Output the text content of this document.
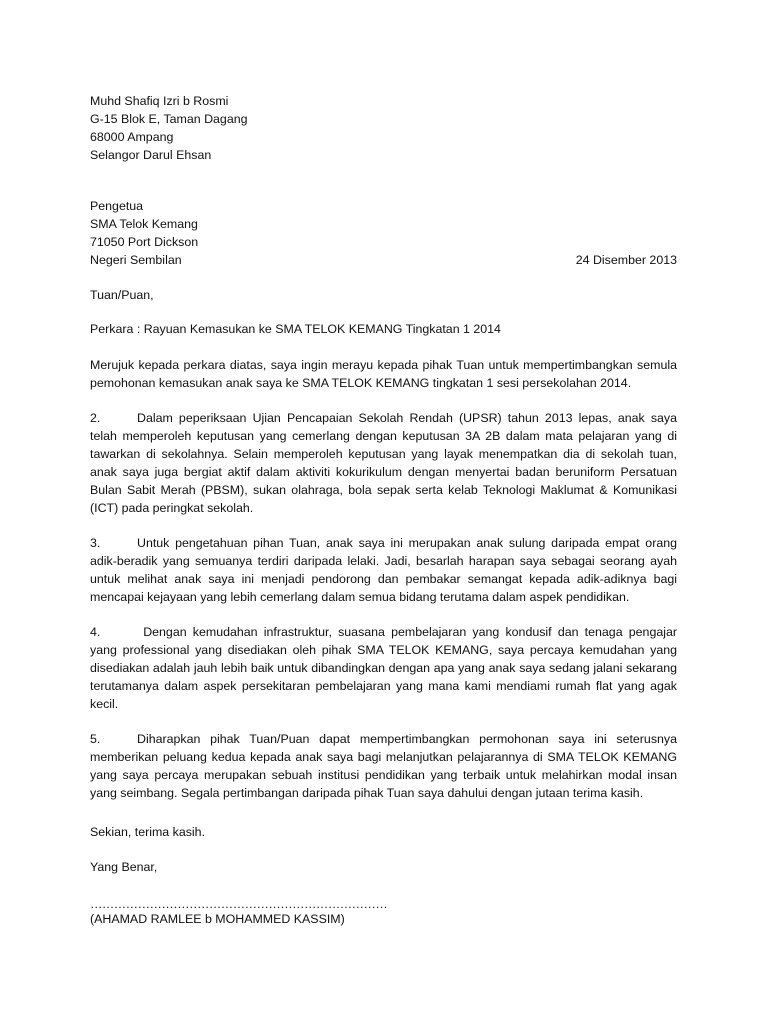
Muhd Shafiq Izri b Rosmi
G-15 Blok E, Taman Dagang
68000 Ampang
Selangor Darul Ehsan
Pengetua
SMA Telok Kemang
71050 Port Dickson
Negeri Sembilan	24 Disember 2013
Tuan/Puan,
Perkara : Rayuan Kemasukan ke SMA TELOK KEMANG Tingkatan 1 2014

Merujuk kepada perkara diatas, saya ingin merayu kepada pihak Tuan untuk mempertimbangkan semula pemohonan kemasukan anak saya ke SMA TELOK KEMANG tingkatan 1 sesi persekolahan 2014.

2.	Dalam peperiksaan Ujian Pencapaian Sekolah Rendah (UPSR) tahun 2013 lepas, anak saya telah memperoleh keputusan yang cemerlang dengan keputusan 3A 2B dalam mata pelajaran yang di tawarkan di sekolahnya. Selain memperoleh keputusan yang layak menempatkan dia di sekolah tuan, anak saya juga bergiat aktif dalam aktiviti kokurikulum dengan menyertai badan beruniform Persatuan Bulan Sabit Merah (PBSM), sukan olahraga, bola sepak serta kelab Teknologi Maklumat & Komunikasi (ICT) pada peringkat sekolah.

3.	Untuk pengetahuan pihan Tuan, anak saya ini merupakan anak sulung daripada empat orang adik-beradik yang semuanya terdiri daripada lelaki. Jadi, besarlah harapan saya sebagai seorang ayah untuk melihat anak saya ini menjadi pendorong dan pembakar semangat kepada adik-adiknya bagi mencapai kejayaan yang lebih cemerlang dalam semua bidang terutama dalam aspek pendidikan.

4.	Dengan kemudahan infrastruktur, suasana pembelajaran yang kondusif dan tenaga pengajar yang professional yang disediakan oleh pihak SMA TELOK KEMANG, saya percaya kemudahan yang disediakan adalah jauh lebih baik untuk dibandingkan dengan apa yang anak saya sedang jalani sekarang terutamanya dalam aspek persekitaran pembelajaran yang mana kami mendiami rumah flat yang agak kecil.

5.	Diharapkan pihak Tuan/Puan dapat mempertimbangkan permohonan saya ini seterusnya memberikan peluang kedua kepada anak saya bagi melanjutkan pelajarannya di SMA TELOK KEMANG yang saya percaya merupakan sebuah institusi pendidikan yang terbaik untuk melahirkan modal insan yang seimbang. Segala pertimbangan daripada pihak Tuan saya dahului dengan jutaan terima kasih.

Sekian, terima kasih.
Yang Benar,
…………………………………………………………………
(AHAMAD RAMLEE b MOHAMMED KASSIM)
